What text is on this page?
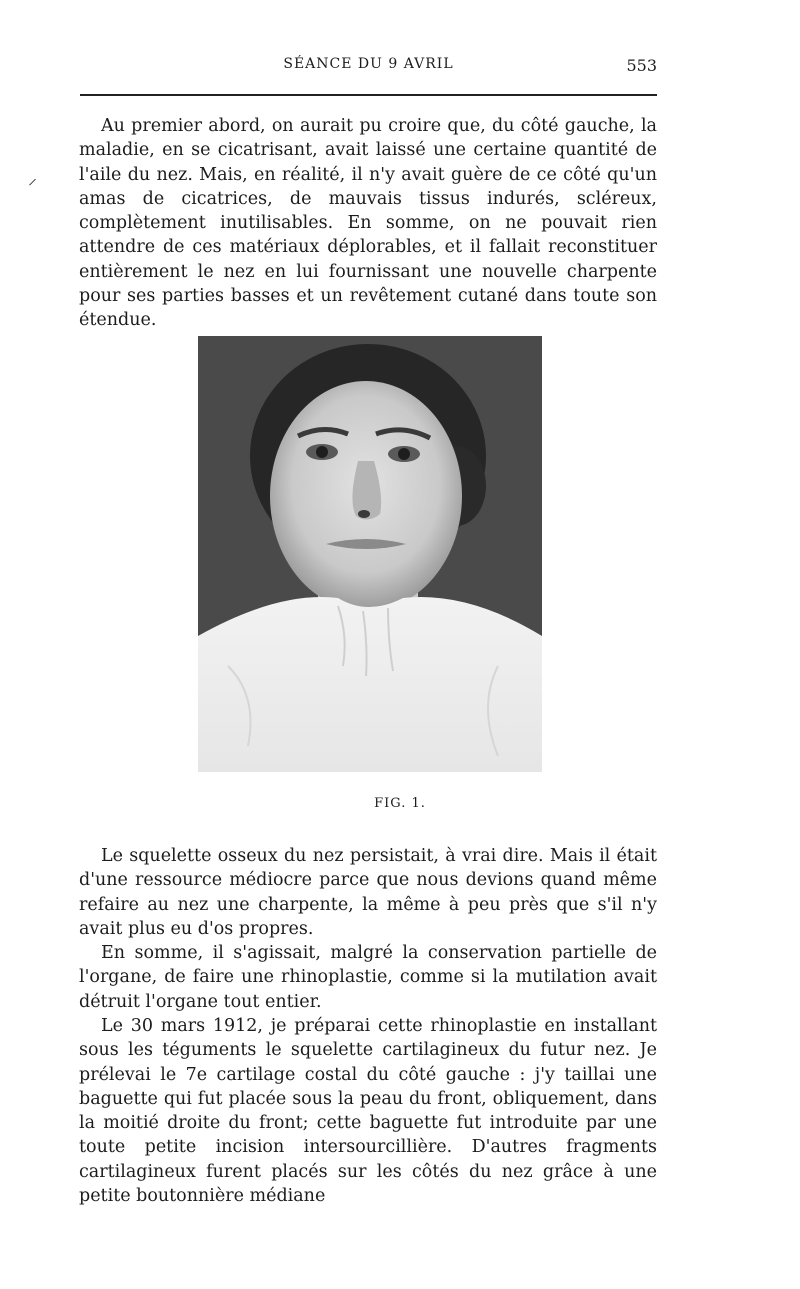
SÉANCE DU 9 AVRIL	553
⸝

Au premier abord, on aurait pu croire que, du côté gauche, la maladie, en se cicatrisant, avait laissé une certaine quantité de l'aile du nez. Mais, en réalité, il n'y avait guère de ce côté qu'un amas de cicatrices, de mauvais tissus indurés, scléreux, complètement inutilisables. En somme, on ne pouvait rien attendre de ces matériaux déplorables, et il fallait reconstituer entièrement le nez en lui fournissant une nouvelle charpente pour ses parties basses et un revêtement cutané dans toute son étendue.

FIG. 1.

Le squelette osseux du nez persistait, à vrai dire. Mais il était d'une ressource médiocre parce que nous devions quand même refaire au nez une charpente, la même à peu près que s'il n'y avait plus eu d'os propres.

En somme, il s'agissait, malgré la conservation partielle de l'organe, de faire une rhinoplastie, comme si la mutilation avait détruit l'organe tout entier.

Le 30 mars 1912, je préparai cette rhinoplastie en installant sous les téguments le squelette cartilagineux du futur nez. Je prélevai le 7e cartilage costal du côté gauche : j'y taillai une baguette qui fut placée sous la peau du front, obliquement, dans la moitié droite du front; cette baguette fut introduite par une toute petite incision intersourcillière. D'autres fragments cartilagineux furent placés sur les côtés du nez grâce à une petite boutonnière médiane
